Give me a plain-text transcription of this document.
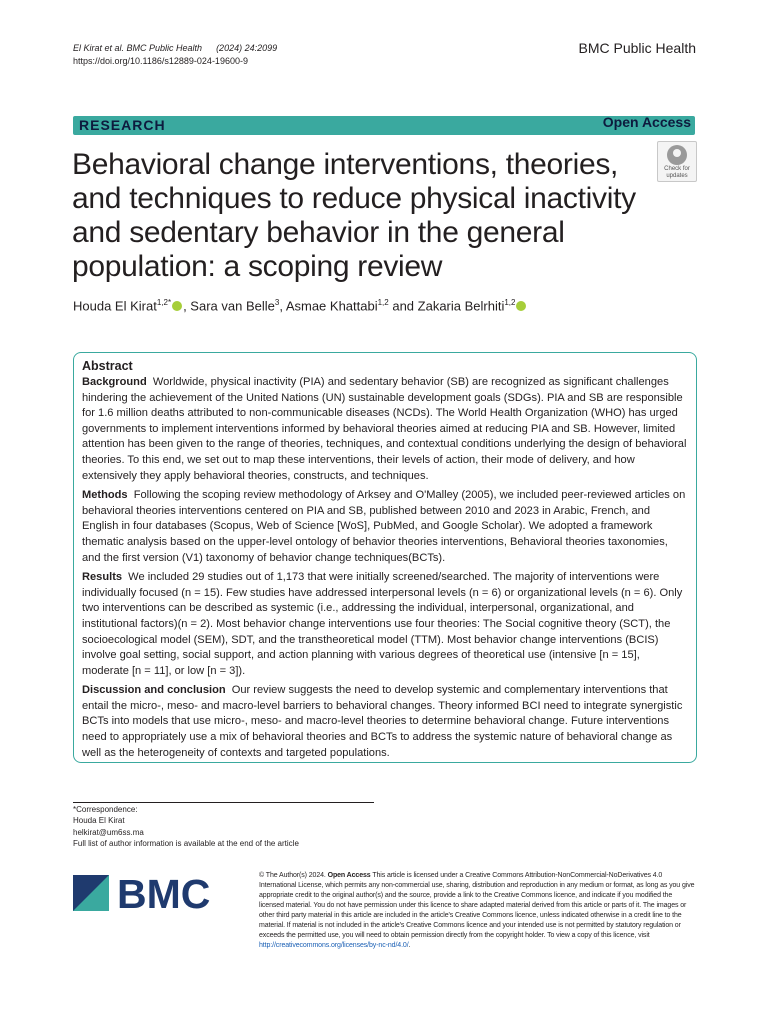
El Kirat et al. BMC Public Health (2024) 24:2099
https://doi.org/10.1186/s12889-024-19600-9
BMC Public Health
RESEARCH	Open Access
Behavioral change interventions, theories, and techniques to reduce physical inactivity and sedentary behavior in the general population: a scoping review
Check for
updates
Houda El Kirat$^{1,2*}$ , Sara van Belle$^3$, Asmae Khattabi$^{1,2}$ and Zakaria Belrhiti$^{1,2}$
Abstract

Background Worldwide, physical inactivity (PIA) and sedentary behavior (SB) are recognized as significant challenges hindering the achievement of the United Nations (UN) sustainable development goals (SDGs). PIA and SB are responsible for 1.6 million deaths attributed to non-communicable diseases (NCDs). The World Health Organization (WHO) has urged governments to implement interventions informed by behavioral theories aimed at reducing PIA and SB. However, limited attention has been given to the range of theories, techniques, and contextual conditions underlying the design of behavioral theories. To this end, we set out to map these interventions, their levels of action, their mode of delivery, and how extensively they apply behavioral theories, constructs, and techniques.

Methods Following the scoping review methodology of Arksey and O'Malley (2005), we included peer-reviewed articles on behavioral theories interventions centered on PIA and SB, published between 2010 and 2023 in Arabic, French, and English in four databases (Scopus, Web of Science [WoS], PubMed, and Google Scholar). We adopted a framework thematic analysis based on the upper-level ontology of behavior theories interventions, Behavioral theories taxonomies, and the first version (V1) taxonomy of behavior change techniques(BCTs).

Results We included 29 studies out of 1,173 that were initially screened/searched. The majority of interventions were individually focused (n = 15). Few studies have addressed interpersonal levels (n = 6) or organizational levels (n = 6). Only two interventions can be described as systemic (i.e., addressing the individual, interpersonal, organizational, and institutional factors)(n = 2). Most behavior change interventions use four theories: The Social cognitive theory (SCT), the socioecological model (SEM), SDT, and the transtheoretical model (TTM). Most behavior change interventions (BCIS) involve goal setting, social support, and action planning with various degrees of theoretical use (intensive [n = 15], moderate [n = 11], or low [n = 3]).

Discussion and conclusion Our review suggests the need to develop systemic and complementary interventions that entail the micro-, meso- and macro-level barriers to behavioral changes. Theory informed BCI need to integrate synergistic BCTs into models that use micro-, meso- and macro-level theories to determine behavioral change. Future interventions need to appropriately use a mix of behavioral theories and BCTs to address the systemic nature of behavioral change as well as the heterogeneity of contexts and targeted populations.

*Correspondence:
Houda El Kirat
helkirat@um6ss.ma
Full list of author information is available at the end of the article
BMC	© The Author(s) 2024. Open Access This article is licensed under a Creative Commons Attribution-NonCommercial-NoDerivatives 4.0 International License, which permits any non-commercial use, sharing, distribution and reproduction in any medium or format, as long as you give appropriate credit to the original author(s) and the source, provide a link to the Creative Commons licence, and indicate if you modified the licensed material. You do not have permission under this licence to share adapted material derived from this article or parts of it. The images or other third party material in this article are included in the article's Creative Commons licence, unless indicated otherwise in a credit line to the material. If material is not included in the article's Creative Commons licence and your intended use is not permitted by statutory regulation or exceeds the permitted use, you will need to obtain permission directly from the copyright holder. To view a copy of this licence, visit http://creativecommons.org/licenses/by-nc-nd/4.0/.
